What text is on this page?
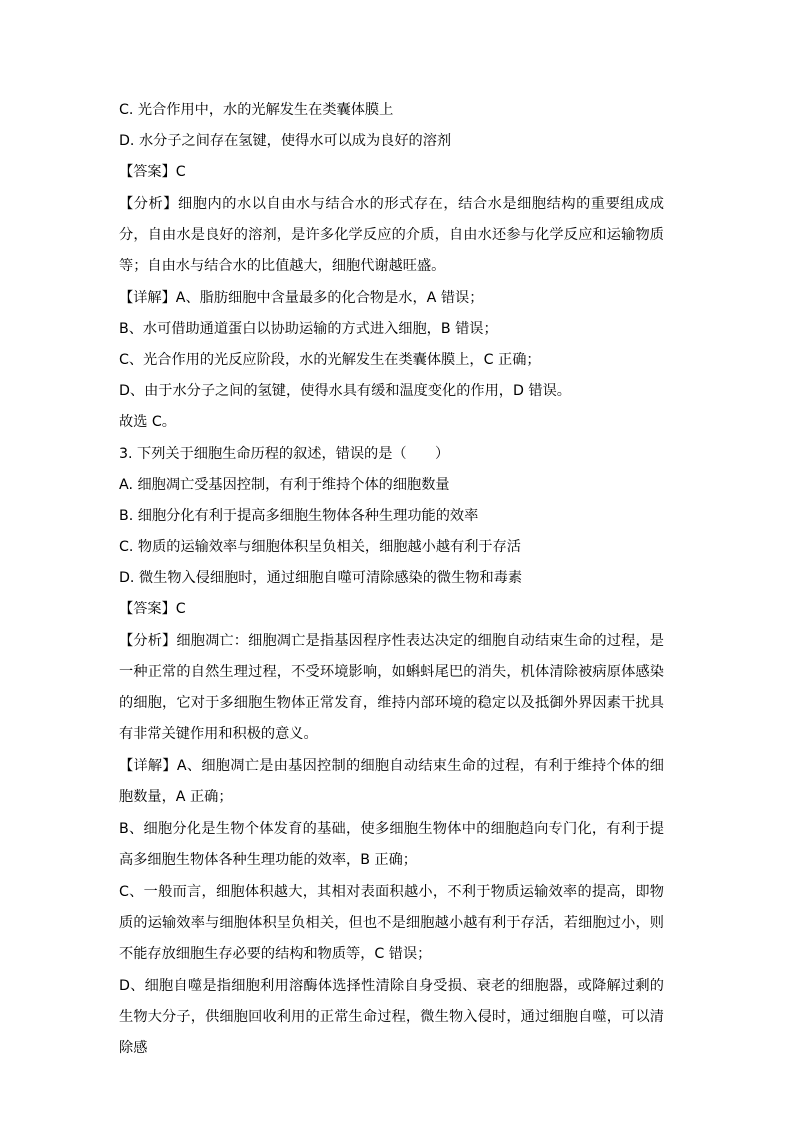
C. 光合作用中，水的光解发生在类囊体膜上

D. 水分子之间存在氢键，使得水可以成为良好的溶剂

【答案】C

【分析】细胞内的水以自由水与结合水的形式存在，结合水是细胞结构的重要组成成分，自由水是良好的溶剂，是许多化学反应的介质，自由水还参与化学反应和运输物质等；自由水与结合水的比值越大，细胞代谢越旺盛。

【详解】A、脂肪细胞中含量最多的化合物是水，A 错误；

B、水可借助通道蛋白以协助运输的方式进入细胞，B 错误；

C、光合作用的光反应阶段，水的光解发生在类囊体膜上，C 正确；

D、由于水分子之间的氢键，使得水具有缓和温度变化的作用，D 错误。

故选 C。

3. 下列关于细胞生命历程的叙述，错误的是（　　）

A. 细胞凋亡受基因控制，有利于维持个体的细胞数量

B. 细胞分化有利于提高多细胞生物体各种生理功能的效率

C. 物质的运输效率与细胞体积呈负相关，细胞越小越有利于存活

D. 微生物入侵细胞时，通过细胞自噬可清除感染的微生物和毒素

【答案】C

【分析】细胞凋亡：细胞凋亡是指基因程序性表达决定的细胞自动结束生命的过程，是一种正常的自然生理过程，不受环境影响，如蝌蚪尾巴的消失，机体清除被病原体感染的细胞，它对于多细胞生物体正常发育，维持内部环境的稳定以及抵御外界因素干扰具有非常关键作用和积极的意义。

【详解】A、细胞凋亡是由基因控制的细胞自动结束生命的过程，有利于维持个体的细胞数量，A 正确；

B、细胞分化是生物个体发育的基础，使多细胞生物体中的细胞趋向专门化，有利于提高多细胞生物体各种生理功能的效率，B 正确；

C、一般而言，细胞体积越大，其相对表面积越小，不利于物质运输效率的提高，即物质的运输效率与细胞体积呈负相关，但也不是细胞越小越有利于存活，若细胞过小，则不能存放细胞生存必要的结构和物质等，C 错误；

D、细胞自噬是指细胞利用溶酶体选择性清除自身受损、衰老的细胞器，或降解过剩的生物大分子，供细胞回收利用的正常生命过程，微生物入侵时，通过细胞自噬，可以清除感
